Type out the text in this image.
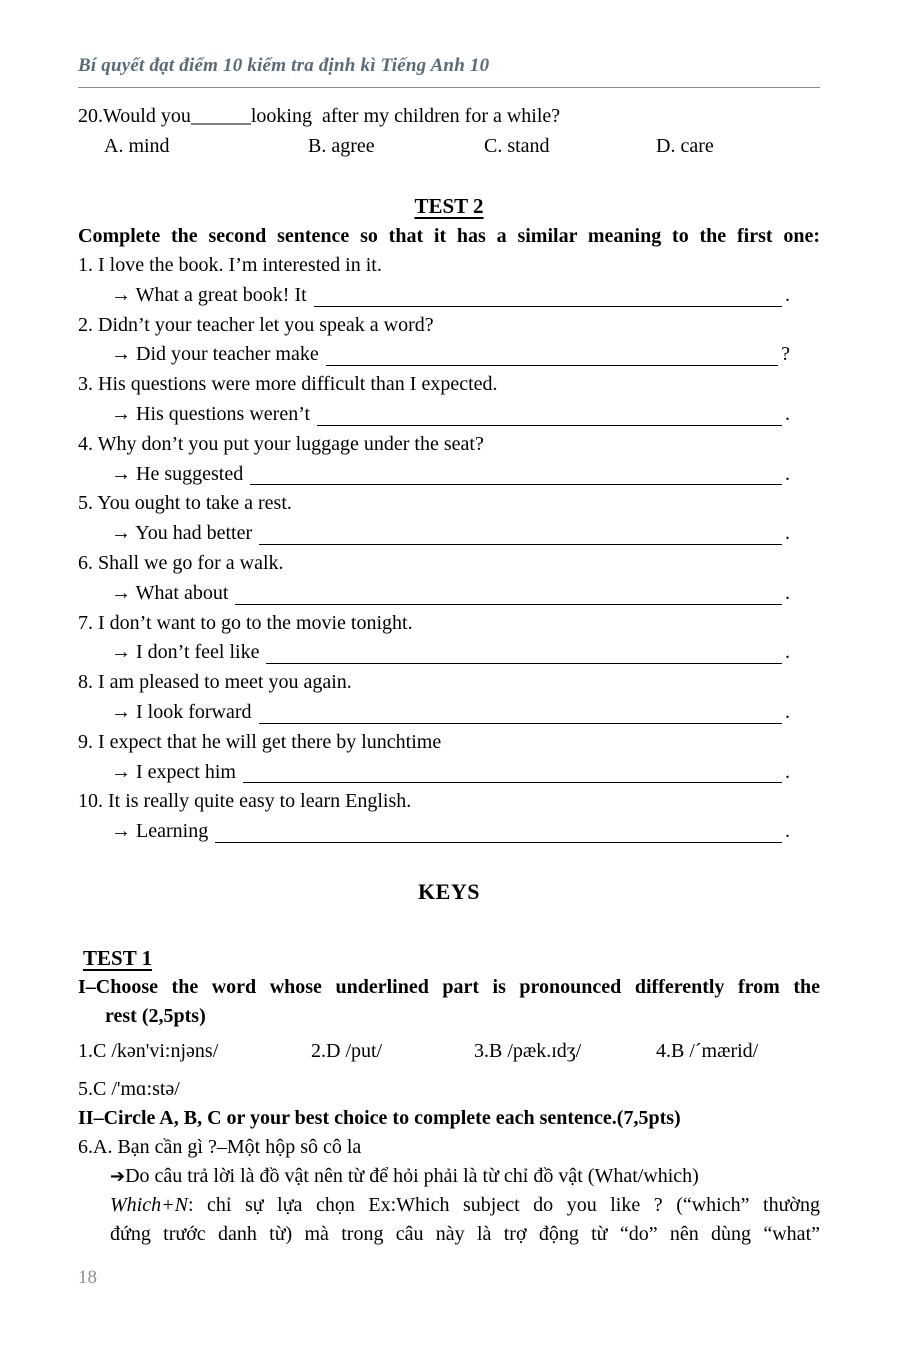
Bí quyết đạt điểm 10 kiểm tra định kì Tiếng Anh 10
20.Would you______looking  after my children for a while?
A. mind	B. agree	C. stand	D. care
TEST 2
Complete the second sentence so that it has a similar meaning to the first one:
1. I love the book. I’m interested in it.
→ What a great book! It	.
2. Didn’t your teacher let you speak a word?
→ Did your teacher make	?
3. His questions were more difficult than I expected.
→ His questions weren’t	.
4. Why don’t you put your luggage under the seat?
→ He suggested	.
5. You ought to take a rest.
→ You had better	.
6. Shall we go for a walk.
→ What about	.
7. I don’t want to go to the movie tonight.
→ I don’t feel like	.
8. I am pleased to meet you again.
→ I look forward	.
9. I expect that he will get there by lunchtime
→ I expect him	.
10. It is really quite easy to learn English.
→ Learning	.
KEYS
TEST 1
I–Choose the word whose underlined part is pronounced differently from the
rest (2,5pts)
1.C /kən'vi:njəns/	2.D /put/	3.B /pæk.ɪdʒ/	4.B /´mærid/
5.C /'mɑ:stə/
II–Circle A, B, C or your best choice to complete each sentence.(7,5pts)
6.A. Bạn cần gì ?–Một hộp sô cô la
➔Do câu trả lời là đồ vật nên từ để hỏi phải là từ chỉ đồ vật (What/which)
Which+N: chỉ sự lựa chọn Ex:Which subject do you like ? (“which” thường
đứng trước danh từ) mà trong câu này là trợ động từ “do” nên dùng “what”
18
